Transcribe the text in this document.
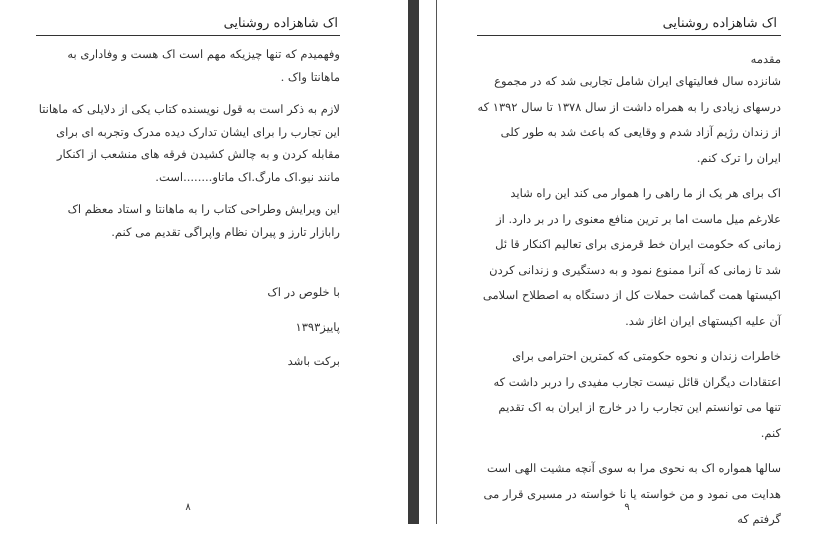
اک شاهزاده روشنایی

وفهمیدم که تنها چیزیکه مهم است اک هست و وفاداری به ماهانتا واک .

لازم به ذکر است به قول نویسنده کتاب یکی از دلایلی که ماهانتا این تجارب را برای ایشان تدارک دیده مدرک وتجربه ای برای مقابله کردن و به چالش کشیدن فرقه های منشعب از اکنکار مانند نیو.اک مارگ.اک ماتاو........است.

این ویرایش وطراحی کتاب را به ماهانتا و استاد معظم اک رابازار تارز و پیران نظام واپراگی تقدیم می کنم.

با خلوص در اک

پاییز۱۳۹۳

برکت باشد

۸
اک شاهزاده روشنایی

مقدمه

شانزده سال فعالیتهای ایران شامل تجاربی شد که در مجموع درسهای زیادی را به همراه داشت از سال ۱۳۷۸ تا سال ۱۳۹۲ که از زندان رژیم آزاد شدم و وقایعی که باعث شد به طور کلی ایران را ترک کنم.

اک برای هر یک از ما راهی را هموار می کند این راه شاید علارغم میل ماست اما بر ترین منافع معنوی را در بر دارد. از زمانی که حکومت ایران خط قرمزی برای تعالیم اکنکار قا ئل شد تا زمانی که آنرا ممنوع نمود و به دستگیری و زندانی کردن اکیستها همت گماشت حملات کل از دستگاه به اصطلاح اسلامی آن علیه اکیستهای ایران اغاز شد.

خاطرات زندان و نحوه حکومتی که کمترین احترامی برای اعتقادات دیگران قائل نیست تجارب مفیدی را دربر داشت که تنها می توانستم این تجارب را در خارج از ایران به اک تقدیم کنم.

سالها همواره اک به نحوی مرا به سوی آنچه مشیت الهی است هدایت می نمود و من خواسته یا نا خواسته در مسیری قرار می گرفتم که

۹
